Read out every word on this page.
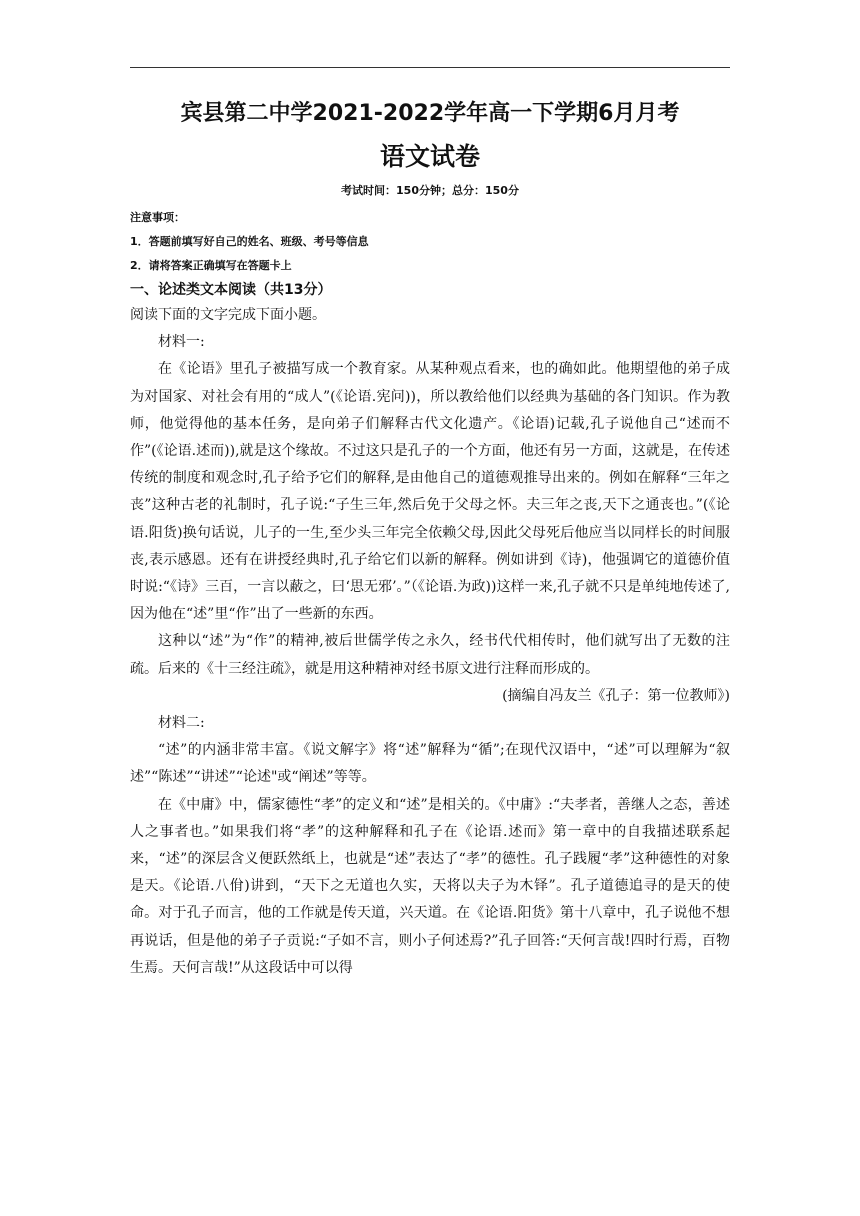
宾县第二中学2021-2022学年高一下学期6月月考
语文试卷
考试时间：150分钟；总分：150分
注意事项：
1．答题前填写好自己的姓名、班级、考号等信息
2．请将答案正确填写在答题卡上
一、论述类文本阅读（共13分）

阅读下面的文字完成下面小题。

材料一:

在《论语》里孔子被描写成一个教育家。从某种观点看来，也的确如此。他期望他的弟子成为对国家、对社会有用的“成人”(《论语.宪问))，所以教给他们以经典为基础的各门知识。作为教师，他觉得他的基本任务，是向弟子们解释古代文化遗产。《论语)记载,孔子说他自己“述而不作”(《论语.述而)),就是这个缘故。不过这只是孔子的一个方面，他还有另一方面，这就是，在传述传统的制度和观念时,孔子给予它们的解释,是由他自己的道德观推导出来的。例如在解释“三年之丧”这种古老的礼制时，孔子说:“子生三年,然后免于父母之怀。夫三年之丧,天下之通丧也。”(《论语.阳货)换句话说，儿子的一生,至少头三年完全依赖父母,因此父母死后他应当以同样长的时间服丧,表示感恩。还有在讲授经典时,孔子给它们以新的解释。例如讲到《诗)，他强调它的道德价值时说:“《诗》三百，一言以蔽之，曰‘思无邪’。”（《论语.为政))这样一来,孔子就不只是单纯地传述了,因为他在“述”里“作”出了一些新的东西。

这种以“述”为“作”的精神,被后世儒学传之永久，经书代代相传时，他们就写出了无数的注疏。后来的《十三经注疏》，就是用这种精神对经书原文进行注释而形成的。

(摘编自冯友兰《孔子：第一位教师》)

材料二:

“述”的内涵非常丰富。《说文解字》将“述”解释为“循”;在现代汉语中，“述”可以理解为“叙述”“陈述”“讲述”“论述"或“阐述”等等。

在《中庸》中，儒家德性“孝”的定义和“述”是相关的。《中庸》:“夫孝者，善继人之态，善述人之事者也。”如果我们将“孝”的这种解释和孔子在《论语.述而》第一章中的自我描述联系起来，“述”的深层含义便跃然纸上，也就是“述”表达了“孝”的德性。孔子践履“孝”这种德性的对象是天。《论语.八佾)讲到，“天下之无道也久实，天将以夫子为木铎”。孔子道德追寻的是天的使命。对于孔子而言，他的工作就是传天道，兴天道。在《论语.阳货》第十八章中，孔子说他不想再说话，但是他的弟子子贡说:“子如不言，则小子何述焉?”孔子回答:“天何言哉!四时行焉，百物生焉。天何言哉!”从这段话中可以得
